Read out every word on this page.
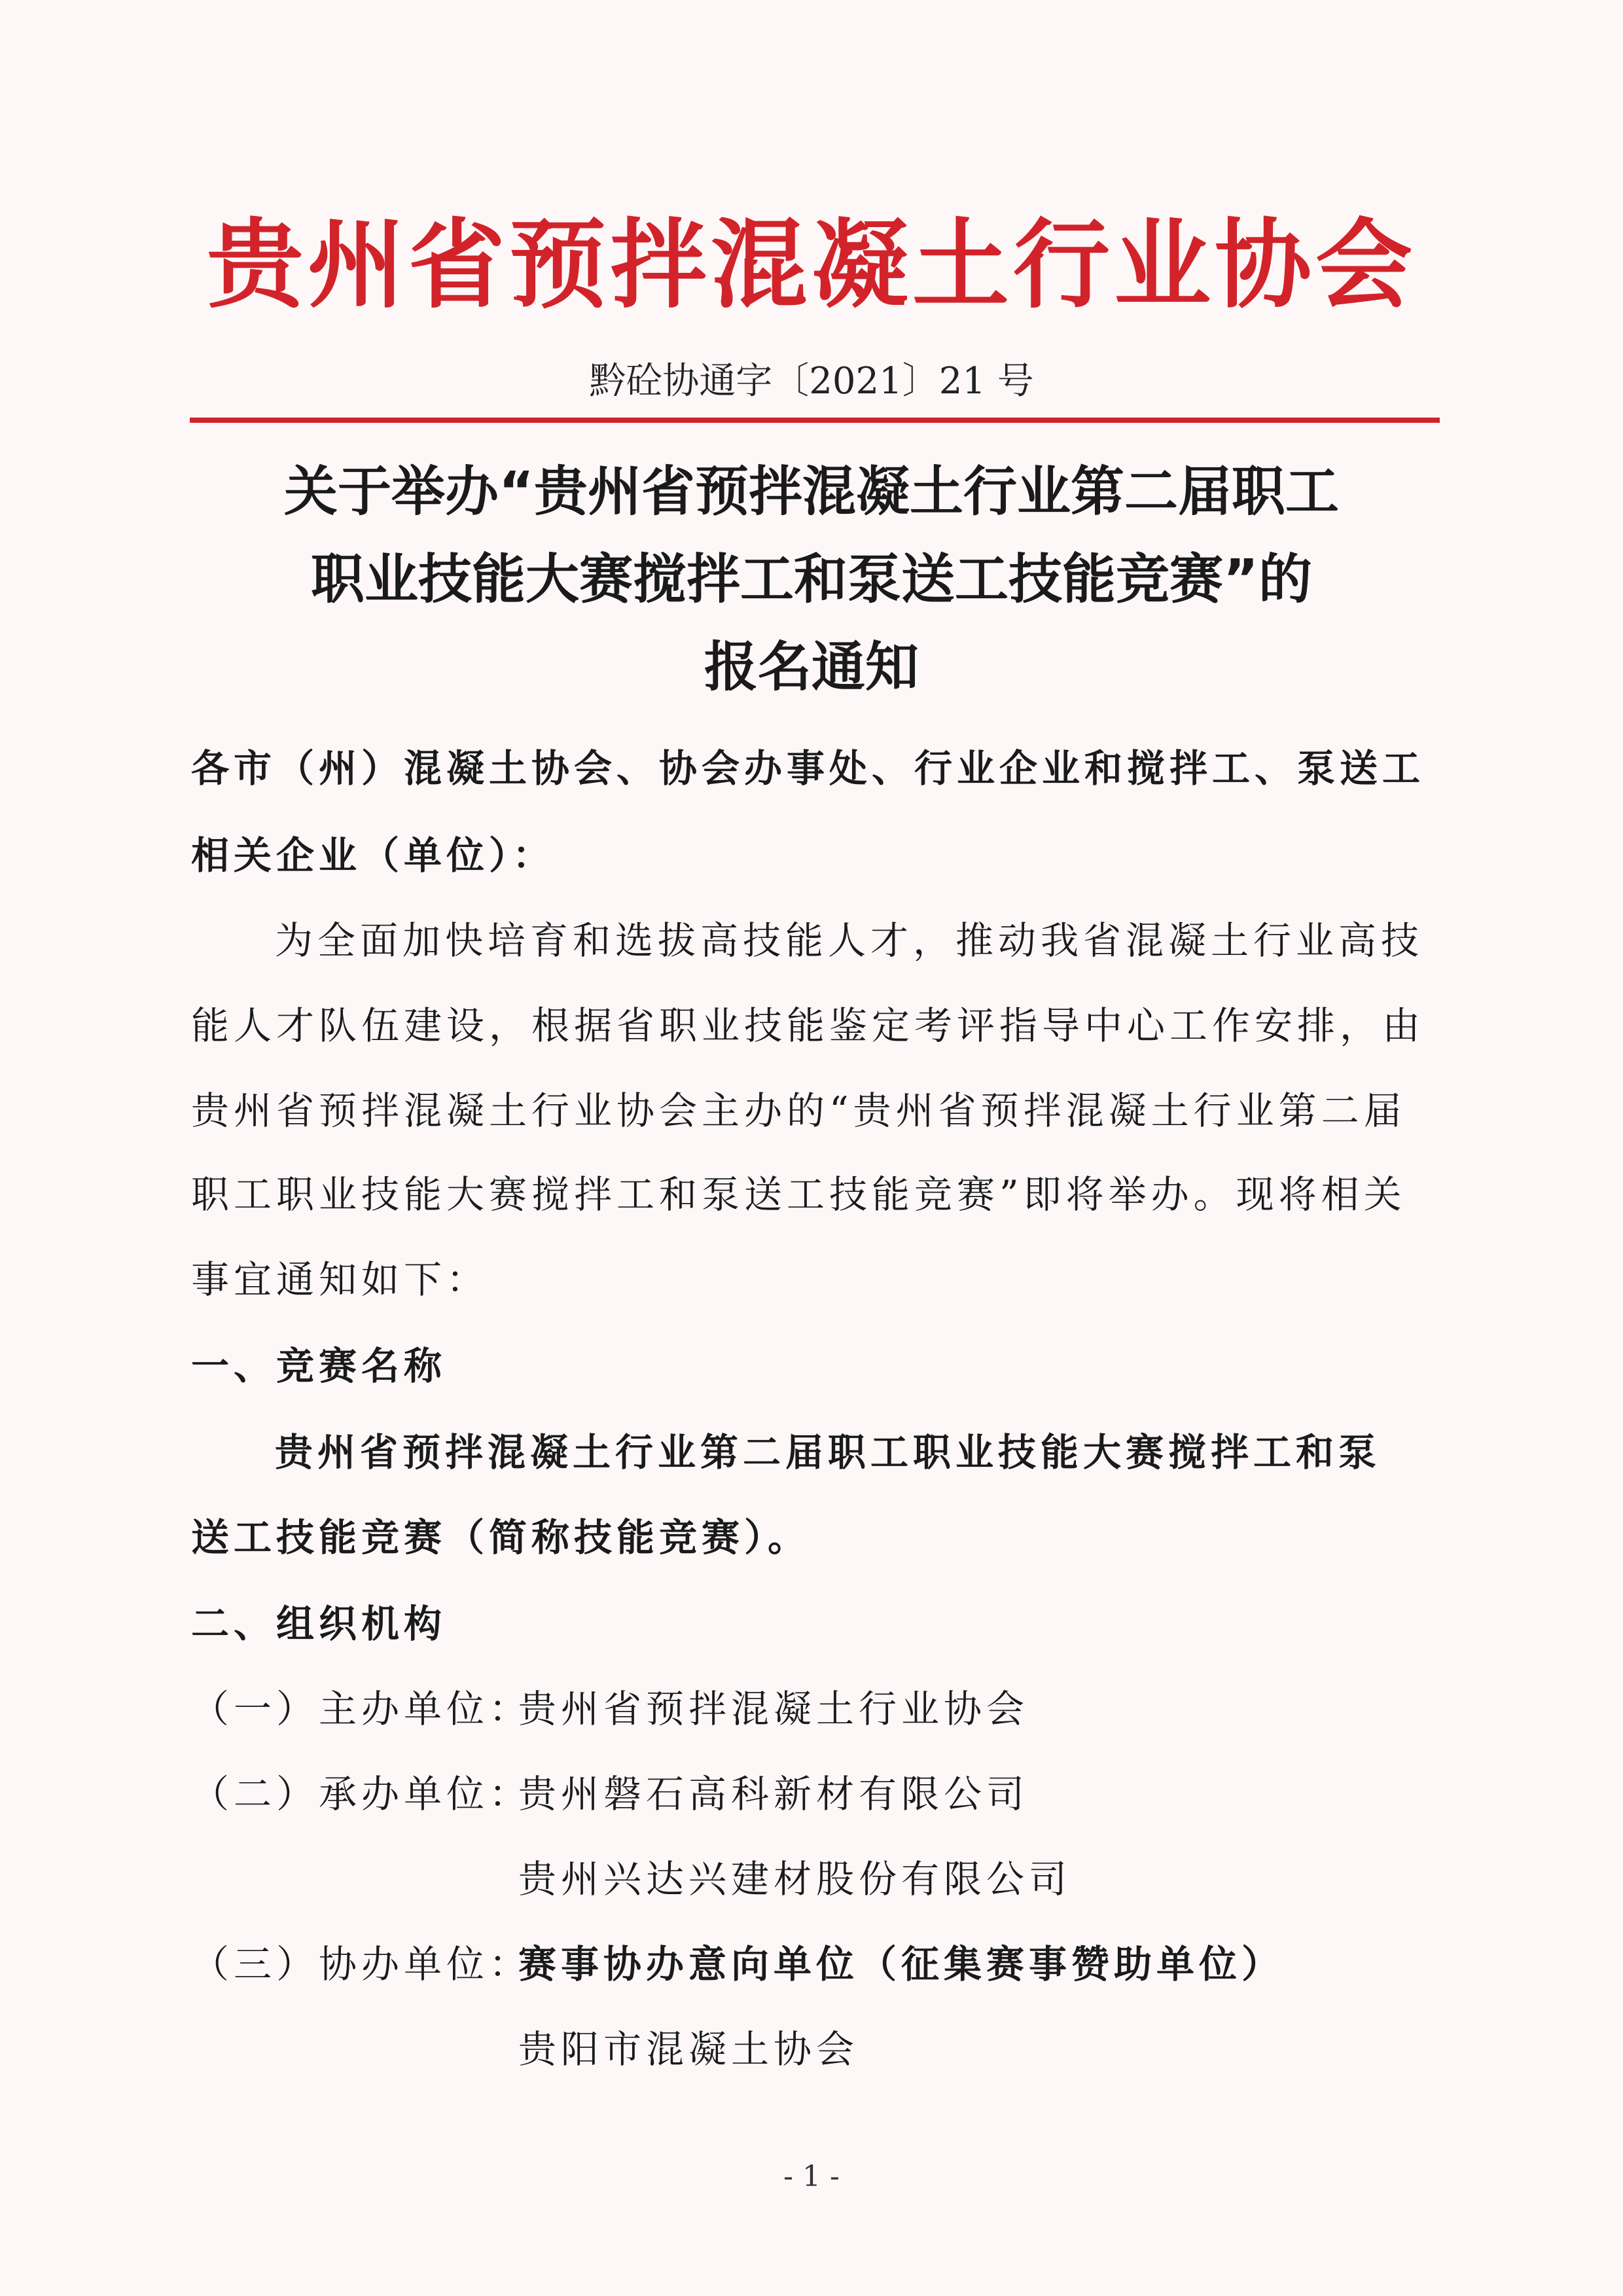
贵州省预拌混凝土行业协会
黔砼协通字〔2021〕21 号
关于举办“贵州省预拌混凝土行业第二届职工
职业技能大赛搅拌工和泵送工技能竞赛”的
报名通知
各市（州）混凝土协会、协会办事处、行业企业和搅拌工、泵送工
相关企业（单位）：
为全面加快培育和选拔高技能人才，推动我省混凝土行业高技
能人才队伍建设，根据省职业技能鉴定考评指导中心工作安排，由
贵州省预拌混凝土行业协会主办的“贵州省预拌混凝土行业第二届
职工职业技能大赛搅拌工和泵送工技能竞赛”即将举办。现将相关
事宜通知如下：
一、竞赛名称
贵州省预拌混凝土行业第二届职工职业技能大赛搅拌工和泵
送工技能竞赛（简称技能竞赛）。
二、组织机构
（一）主办单位：
贵州省预拌混凝土行业协会
（二）承办单位：
贵州磐石高科新材有限公司
贵州兴达兴建材股份有限公司
（三）协办单位：
赛事协办意向单位（征集赛事赞助单位）
贵阳市混凝土协会
- 1 -
